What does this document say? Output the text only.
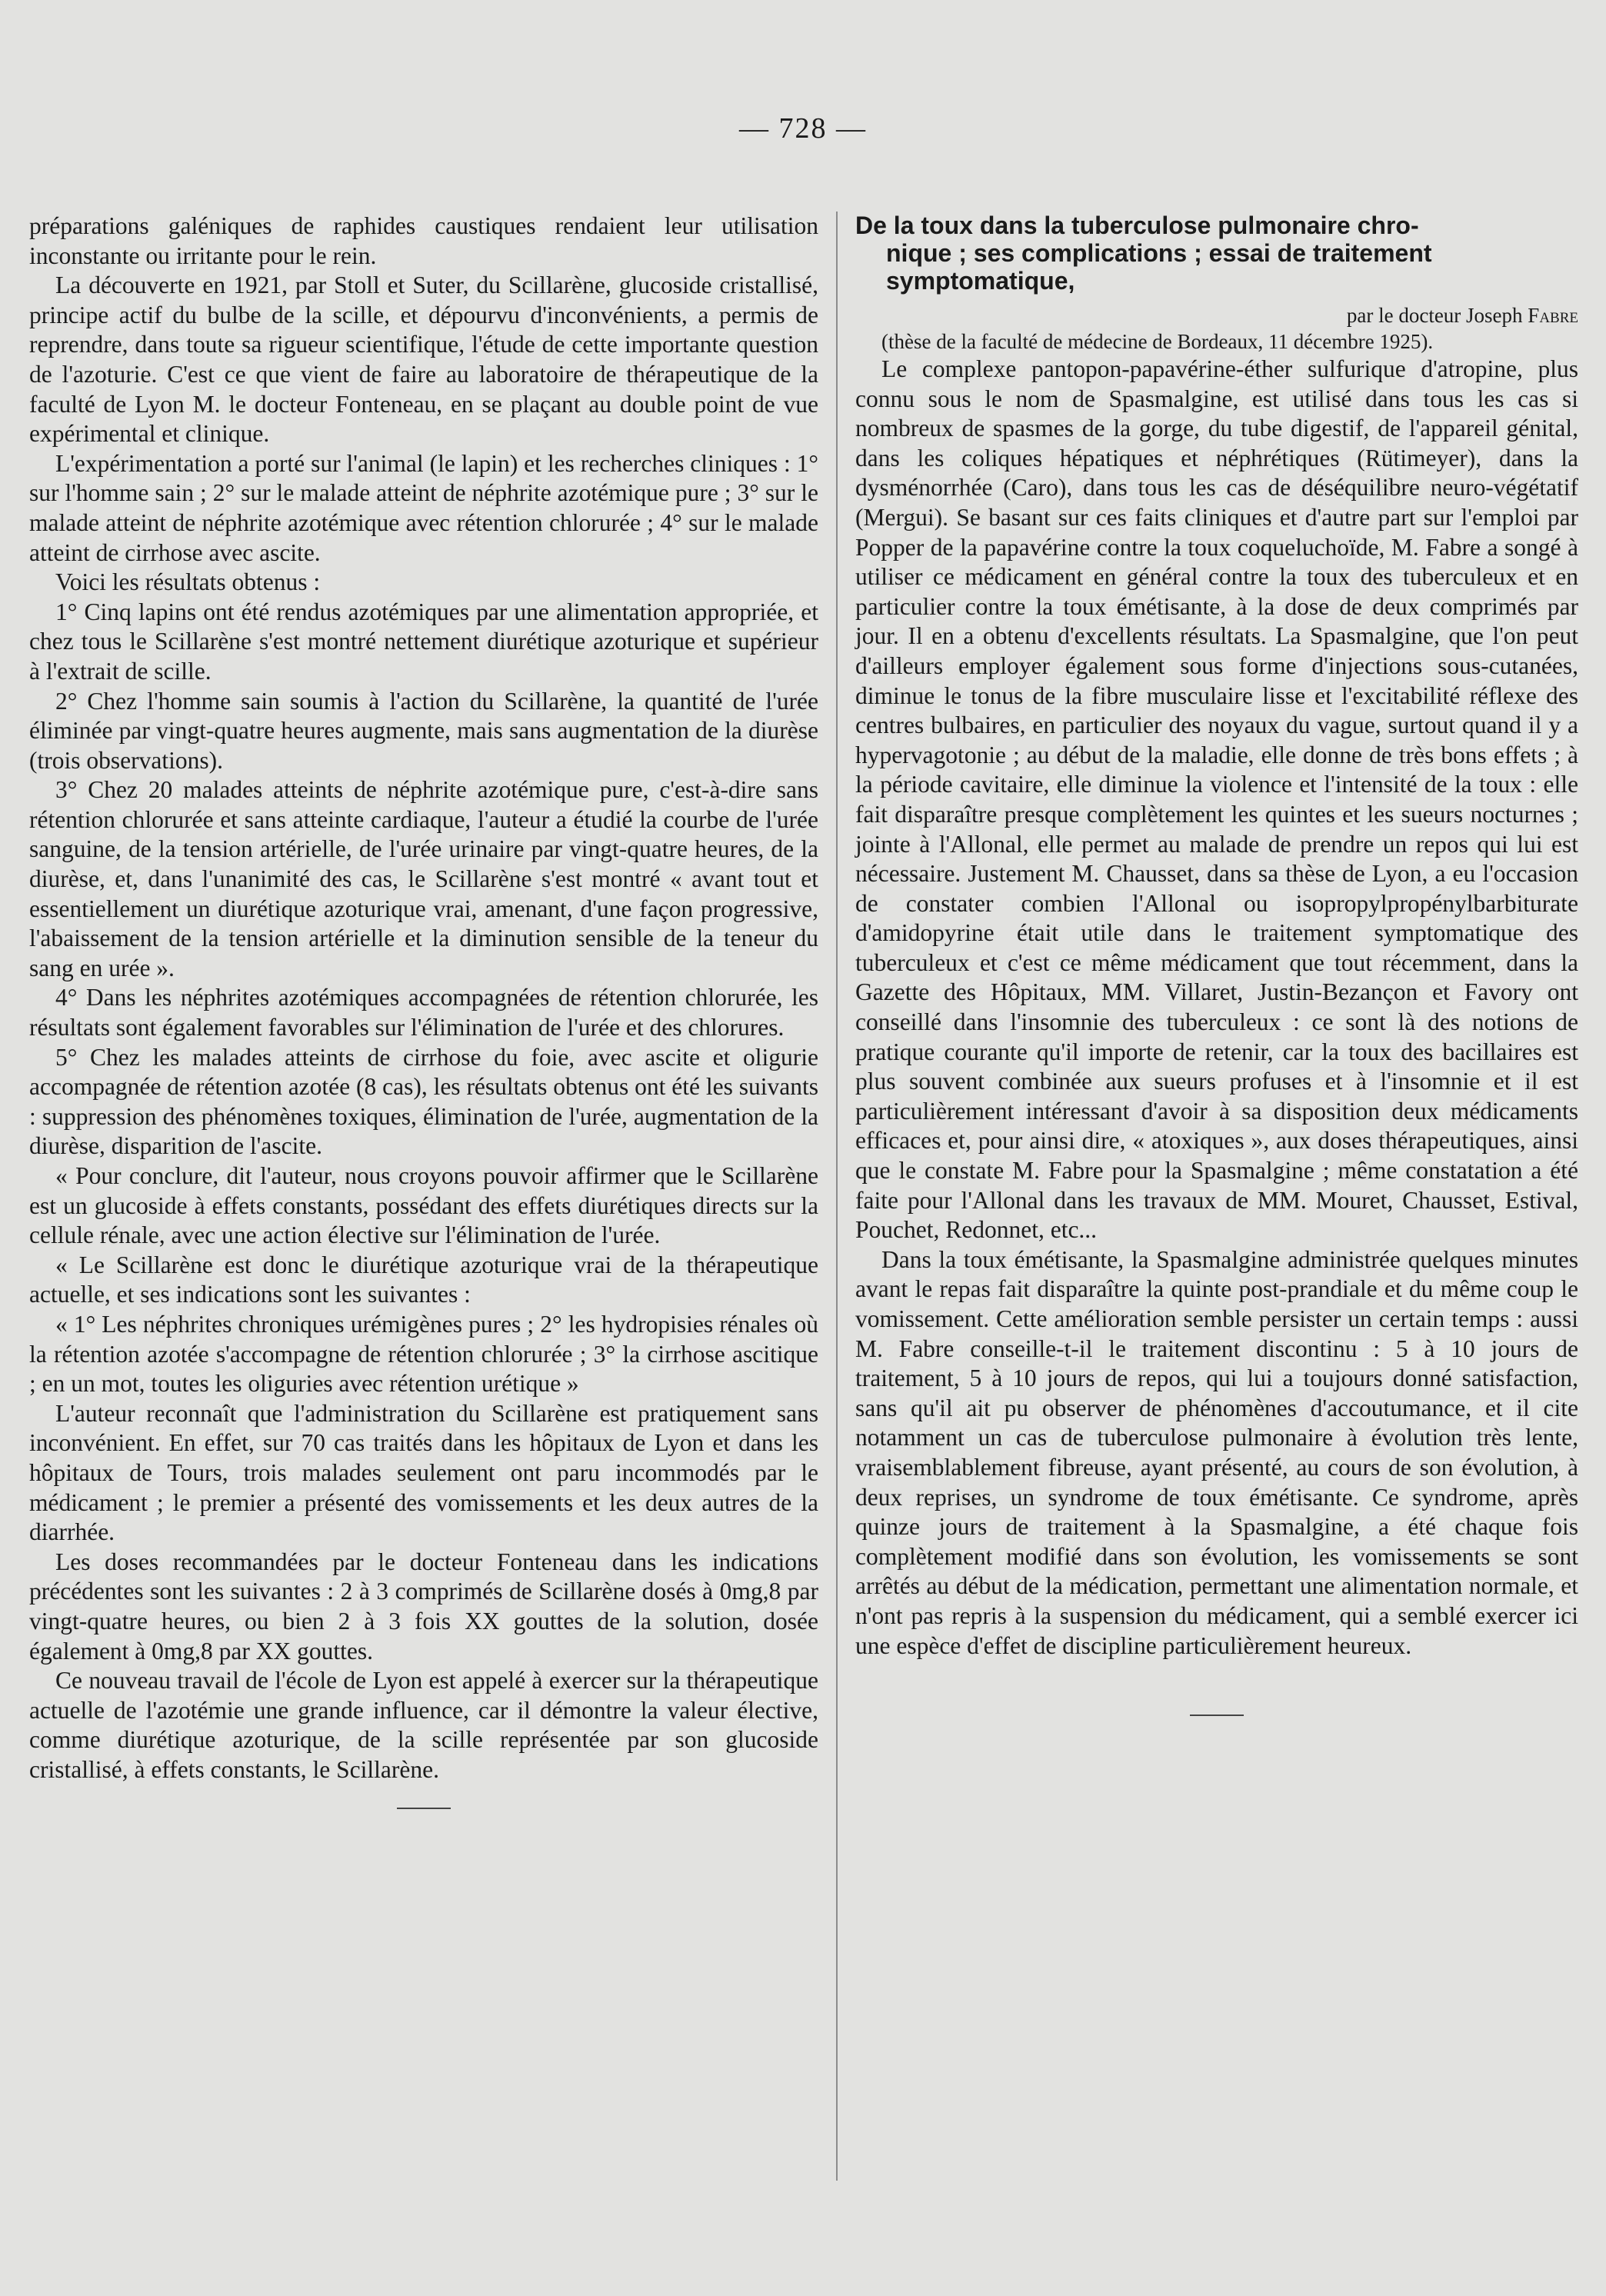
— 728 —

préparations galéniques de raphides caustiques rendaient leur utilisation inconstante ou irritante pour le rein.

La découverte en 1921, par Stoll et Suter, du Scillarène, glucoside cristallisé, principe actif du bulbe de la scille, et dépourvu d'inconvénients, a permis de reprendre, dans toute sa rigueur scientifique, l'étude de cette importante question de l'azoturie. C'est ce que vient de faire au laboratoire de thérapeutique de la faculté de Lyon M. le docteur Fonteneau, en se plaçant au double point de vue expérimental et clinique.

L'expérimentation a porté sur l'animal (le lapin) et les recherches cliniques : 1° sur l'homme sain ; 2° sur le malade atteint de néphrite azotémique pure ; 3° sur le malade atteint de néphrite azotémique avec rétention chlorurée ; 4° sur le malade atteint de cirrhose avec ascite.

Voici les résultats obtenus :

1° Cinq lapins ont été rendus azotémiques par une alimentation appropriée, et chez tous le Scillarène s'est montré nettement diurétique azoturique et supérieur à l'extrait de scille.

2° Chez l'homme sain soumis à l'action du Scillarène, la quantité de l'urée éliminée par vingt-quatre heures augmente, mais sans augmentation de la diurèse (trois observations).

3° Chez 20 malades atteints de néphrite azotémique pure, c'est-à-dire sans rétention chlorurée et sans atteinte cardiaque, l'auteur a étudié la courbe de l'urée sanguine, de la tension artérielle, de l'urée urinaire par vingt-quatre heures, de la diurèse, et, dans l'unanimité des cas, le Scillarène s'est montré « avant tout et essentiellement un diurétique azoturique vrai, amenant, d'une façon progressive, l'abaissement de la tension artérielle et la diminution sensible de la teneur du sang en urée ».

4° Dans les néphrites azotémiques accompagnées de rétention chlorurée, les résultats sont également favorables sur l'élimination de l'urée et des chlorures.

5° Chez les malades atteints de cirrhose du foie, avec ascite et oligurie accompagnée de rétention azotée (8 cas), les résultats obtenus ont été les suivants : suppression des phénomènes toxiques, élimination de l'urée, augmentation de la diurèse, disparition de l'ascite.

« Pour conclure, dit l'auteur, nous croyons pouvoir affirmer que le Scillarène est un glucoside à effets constants, possédant des effets diurétiques directs sur la cellule rénale, avec une action élective sur l'élimination de l'urée.

« Le Scillarène est donc le diurétique azoturique vrai de la thérapeutique actuelle, et ses indications sont les suivantes :

« 1° Les néphrites chroniques urémigènes pures ; 2° les hydropisies rénales où la rétention azotée s'accompagne de rétention chlorurée ; 3° la cirrhose ascitique ; en un mot, toutes les oliguries avec rétention urétique »

L'auteur reconnaît que l'administration du Scillarène est pratiquement sans inconvénient. En effet, sur 70 cas traités dans les hôpitaux de Lyon et dans les hôpitaux de Tours, trois malades seulement ont paru incommodés par le médicament ; le premier a présenté des vomissements et les deux autres de la diarrhée.

Les doses recommandées par le docteur Fonteneau dans les indications précédentes sont les suivantes : 2 à 3 comprimés de Scillarène dosés à 0mg,8 par vingt-quatre heures, ou bien 2 à 3 fois XX gouttes de la solution, dosée également à 0mg,8 par XX gouttes.

Ce nouveau travail de l'école de Lyon est appelé à exercer sur la thérapeutique actuelle de l'azotémie une grande influence, car il démontre la valeur élective, comme diurétique azoturique, de la scille représentée par son glucoside cristallisé, à effets constants, le Scillarène.

De la toux dans la tuberculose pulmonaire chro-
nique ; ses complications ; essai de traitement
symptomatique,

par le docteur Joseph Fabre

(thèse de la faculté de médecine de Bordeaux, 11 décembre 1925).

Le complexe pantopon-papavérine-éther sulfurique d'atropine, plus connu sous le nom de Spasmalgine, est utilisé dans tous les cas si nombreux de spasmes de la gorge, du tube digestif, de l'appareil génital, dans les coliques hépatiques et néphrétiques (Rütimeyer), dans la dysménorrhée (Caro), dans tous les cas de déséquilibre neuro-végétatif (Mergui). Se basant sur ces faits cliniques et d'autre part sur l'emploi par Popper de la papavérine contre la toux coqueluchoïde, M. Fabre a songé à utiliser ce médicament en général contre la toux des tuberculeux et en particulier contre la toux émétisante, à la dose de deux comprimés par jour. Il en a obtenu d'excellents résultats. La Spasmalgine, que l'on peut d'ailleurs employer également sous forme d'injections sous-cutanées, diminue le tonus de la fibre musculaire lisse et l'excitabilité réflexe des centres bulbaires, en particulier des noyaux du vague, surtout quand il y a hypervagotonie ; au début de la maladie, elle donne de très bons effets ; à la période cavitaire, elle diminue la violence et l'intensité de la toux : elle fait disparaître presque complètement les quintes et les sueurs nocturnes ; jointe à l'Allonal, elle permet au malade de prendre un repos qui lui est nécessaire. Justement M. Chausset, dans sa thèse de Lyon, a eu l'occasion de constater combien l'Allonal ou isopropylpropénylbarbiturate d'amidopyrine était utile dans le traitement symptomatique des tuberculeux et c'est ce même médicament que tout récemment, dans la Gazette des Hôpitaux, MM. Villaret, Justin-Bezançon et Favory ont conseillé dans l'insomnie des tuberculeux : ce sont là des notions de pratique courante qu'il importe de retenir, car la toux des bacillaires est plus souvent combinée aux sueurs profuses et à l'insomnie et il est particulièrement intéressant d'avoir à sa disposition deux médicaments efficaces et, pour ainsi dire, « atoxiques », aux doses thérapeutiques, ainsi que le constate M. Fabre pour la Spasmalgine ; même constatation a été faite pour l'Allonal dans les travaux de MM. Mouret, Chausset, Estival, Pouchet, Redonnet, etc...

Dans la toux émétisante, la Spasmalgine administrée quelques minutes avant le repas fait disparaître la quinte post-prandiale et du même coup le vomissement. Cette amélioration semble persister un certain temps : aussi M. Fabre conseille-t-il le traitement discontinu : 5 à 10 jours de traitement, 5 à 10 jours de repos, qui lui a toujours donné satisfaction, sans qu'il ait pu observer de phénomènes d'accoutumance, et il cite notamment un cas de tuberculose pulmonaire à évolution très lente, vraisemblablement fibreuse, ayant présenté, au cours de son évolution, à deux reprises, un syndrome de toux émétisante. Ce syndrome, après quinze jours de traitement à la Spasmalgine, a été chaque fois complètement modifié dans son évolution, les vomissements se sont arrêtés au début de la médication, permettant une alimentation normale, et n'ont pas repris à la suspension du médicament, qui a semblé exercer ici une espèce d'effet de discipline particulièrement heureux.
